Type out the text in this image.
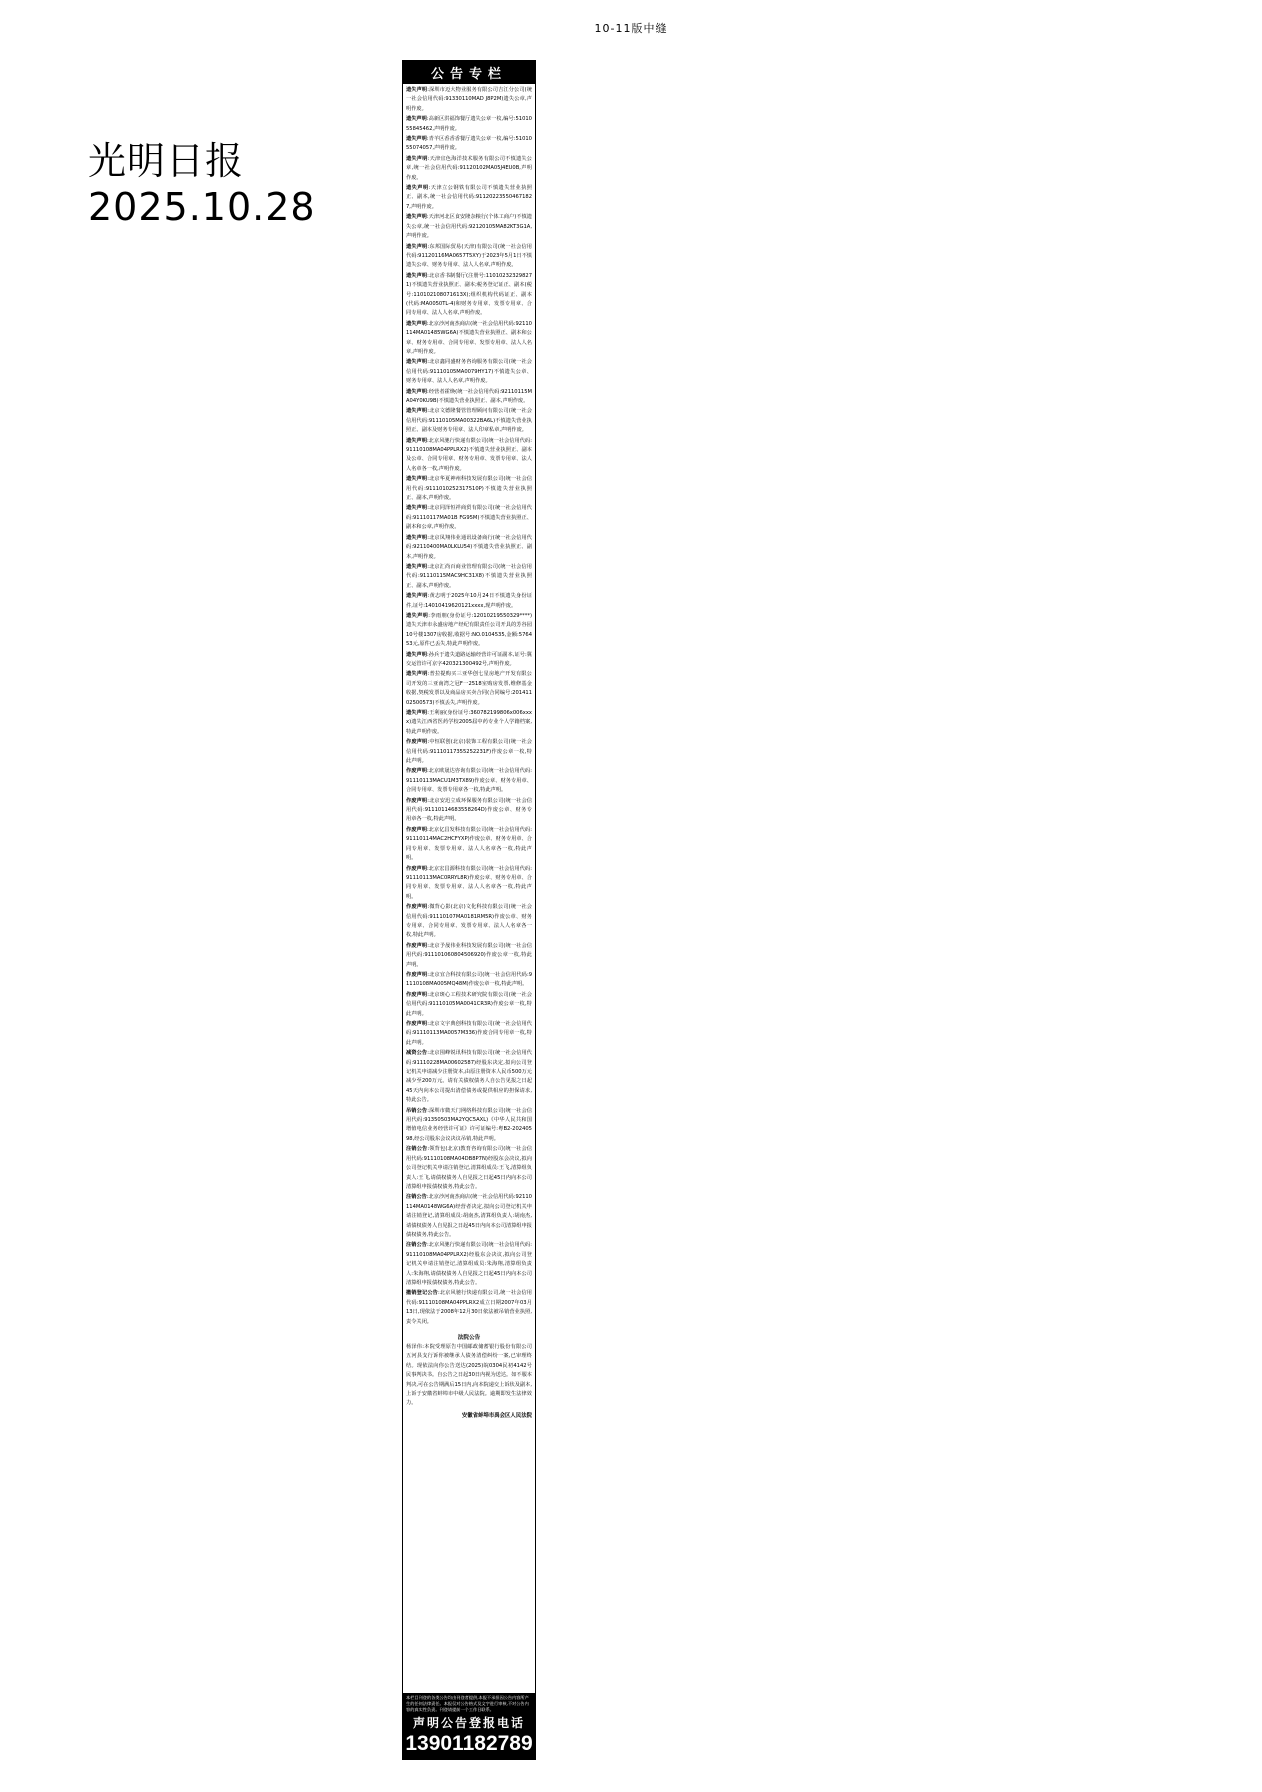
10-11版中缝
光明日报
2025.10.28
公告专栏

遗失声明:深圳市迈大物业服务有限公司吉江分公司(统一社会信用代码:91330110MAD J8P2M)遗失公章,声明作废。

遗失声明:高新区洪福饰餐厅遗失公章一枚,编号:5101055845462,声明作废。

遗失声明:青羊区香香香餐厅遗失公章一枚,编号:5101055074057,声明作废。

遗失声明:天津宜色海洋技术服务有限公司不慎遗失公章,统一社会信用代码:91120102MA05J4EU0B,声明作废。

遗失声明:天津立公钢铁有限公司不慎遗失营业执照正、副本,统一社会信用代码:911202235504671827,声明作废。

遗失声明:天津河北区食安隆杂粮行(个体工商户)不慎遗失公章,统一社会信用代码:92120105MA82KT3G1A,声明作废。

遗失声明:东邦国际贸易(天津)有限公司(统一社会信用代码:91120116MA0657T5XY)于2023年5月1日不慎遗失公章、财务专用章、法人人名章,声明作废。

遗失声明:北京香书制餐厅(注册号:110102323298271)不慎遗失营业执照正、副本;税务登记证正、副本(税号:110102108071613X);组织机构代码证正、副本(代码:MA0050TL-4)和财务专用章、发票专用章、合同专用章、法人人名章,声明作废。

遗失声明:北京沙河南杰商店(统一社会信用代码:92110114MA01485WG6A)不慎遗失营业执照正、副本和公章、财务专用章、合同专用章、发票专用章、法人人名章,声明作废。

遗失声明:北京鑫同盛财务咨询服务有限公司(统一社会信用代码:91110105MA0079HY17)不慎遗失公章、财务专用章、法人人名章,声明作废。

遗失声明:经营者霍焕(统一社会信用代码:92110115MA04Y0KU9B)不慎遗失营业执照正、副本,声明作废。

遗失声明:北京文德隆餐管管理顾问有限公司(统一社会信用代码:91110105MA00322BA6L)不慎遗失营业执照正、副本及财务专用章、法人印章私章,声明作废。

遗失声明:北京风驰行快递有限公司(统一社会信用代码:91110108MA04PPLRX2)不慎遗失营业执照正、副本及公章、合同专用章、财务专用章、发票专用章、法人人名章各一枚,声明作废。

遗失声明:北京华夏神州科技发展有限公司(统一社会信用代码:9111010252317510P)不慎遗失营业执照正、副本,声明作废。

遗失声明:北京同泽恒祥商贸有限公司(统一社会信用代码:91110117MA01B FG95M)不慎遗失营业执照正、副本和公章,声明作废。

遗失声明:北京凤翔伟业通讯设备商行(统一社会信用代码:92110400MA0LKLU54)不慎遗失营业执照正、副本,声明作废。

遗失声明:北京汇尚百商业管理有限公司(统一社会信用代码:91110115MAC9HC31X8)不慎遗失营业执照正、副本,声明作废。

遗失声明:黄志明于2025年10月24日不慎遗失身份证件,证号:14010419620121xxxx,现声明作废。

遗失声明:李雨朋(身份证号:12010219550329****)遗失天津市永盛房地产经纪有限责任公司开具的芳谷园10号楼1307房收据,收据号:NO.0104535,金额:576453元,原件已丢失,特此声明作废。

遗失声明:孙兵于遗失道路运输经营许可证副本,证号:冀交运管许可京字420321300492号,声明作废。

遗失声明:普拉提购买三亚华创七星房地产开发有限公司开发的三亚南湾之冠F一2518室购房发票,维修基金收据,契税发票以及商品房买卖合同(合同编号:20141102500573)不慎丢失,声明作废。

遗失声明:王利丽(身份证号:360782199806x006xxxx)遗失江西省医药学校2005届中药专业个人学籍档案,特此声明作废。

作废声明:中恒联创(北京)装饰工程有限公司(统一社会信用代码:91110117355252231F)作废公章一枚,特此声明。

作废声明:北京欧晟达咨询有限公司(统一社会信用代码:91110113MACU1M3TX89)作废公章、财务专用章、合同专用章、发票专用章各一枚,特此声明。

作废声明:北京安迅立成环保服务有限公司(统一社会信用代码:91110114683558264D)作废公章、财务专用章各一枚,特此声明。

作废声明:北京亿昌发科技有限公司(统一社会信用代码:91110114MAC2HCFYXP)作废公章、财务专用章、合同专用章、发票专用章、法人人名章各一枚,特此声明。

作废声明:北京宏昌源科技有限公司(统一社会信用代码:91110113MAC0RRYL8R)作废公章、财务专用章、合同专用章、发票专用章、法人人名章各一枚,特此声明。

作废声明:微背心影(北京)文化科技有限公司(统一社会信用代码:91110107MA0181RM5R)作废公章、财务专用章、合同专用章、发票专用章、法人人名章各一枚,特此声明。

作废声明:北京予晟伟业科技发展有限公司(统一社会信用代码:911101060804506920)作废公章一枚,特此声明。

作废声明:北京宜合科技有限公司(统一社会信用代码:91110108MA005MQ48M)作废公章一枚,特此声明。

作废声明:北京斑心工程技术研究院有限公司(统一社会信用代码:91110105MA0041CR3R)作废公章一枚,特此声明。

作废声明:北京文宇典创科技有限公司(统一社会信用代码:91110113MA0057M336)作废合同专用章一枚,特此声明。

减资公告:北京囤峰锐讯科技有限公司(统一社会信用代码:91110228MA00602587)经股东决定,拟向公司登记机关申请减少注册资本,由原注册资本人民币500万元减少至200万元。请有关债权债务人自公告见报之日起45天内向本公司提出清偿债务或提供相应的担保请求,特此公告。

吊销公告:深圳市微天门网络科技有限公司(统一社会信用代码:91350503MA2YQC5AXL)《中华人民共和国增值电信业务经营许可证》许可证编号:粤B2-20240598,经公司股东会议决议吊销,特此声明。

注销公告:领背包(北京)教育咨询有限公司(统一社会信用代码:91110108MA04DB8P7N)经股东会决议,拟向公司登记机关申请注销登记,清算组成员:王飞,清算组负责人:王飞,请债权债务人自见报之日起45日内向本公司清算组申报债权债务,特此公告。

注销公告:北京沙河南杰商店(统一社会信用代码:92110114MA0148WG6A)经营者决定,拟向公司登记机关申请注销登记,清算组成员:胡南杰,清算组负责人:胡南杰,请债权债务人自见报之日起45日内向本公司清算组申报债权债务,特此公告。

注销公告:北京风驰行快递有限公司(统一社会信用代码:91110108MA04PPLRX2)经股东会决议,拟向公司登记机关申请注销登记,清算组成员:朱海翔,清算组负责人:朱海翔,请债权债务人自见报之日起45日内向本公司清算组申报债权债务,特此公告。

撤销登记公告:北京风驰行快递有限公司,统一社会信用代码:91110108MA04PPLRX2成立日期2007年03月13日,现依法于2008年12月30日依法被吊销营业执照,责令关闭。

法院公告
杨泽伟:本院受理原告中国邮政储蓄银行股份有限公司五河县支行诉你被继承人债务清偿纠纷一案,已审理终结。现依法向你公告送达(2025)皖0304民初4142号民事判决书。自公告之日起30日内视为送达。如不服本判决,可在公告期满后15日内,向本院递交上诉状及副本,上诉于安徽省蚌埠市中级人民法院。逾期即发生法律效力。
安徽省蚌埠市禹会区人民法院
本栏目刊登的各类公告均由刊登者提供,本报不承担因公告内容所产生的任何法律责任。本报仅对公告格式及文字进行审核,不对公告内容的真实性负责。刊登请提前一个工作日联系。
声明公告登报电话
13901182789
